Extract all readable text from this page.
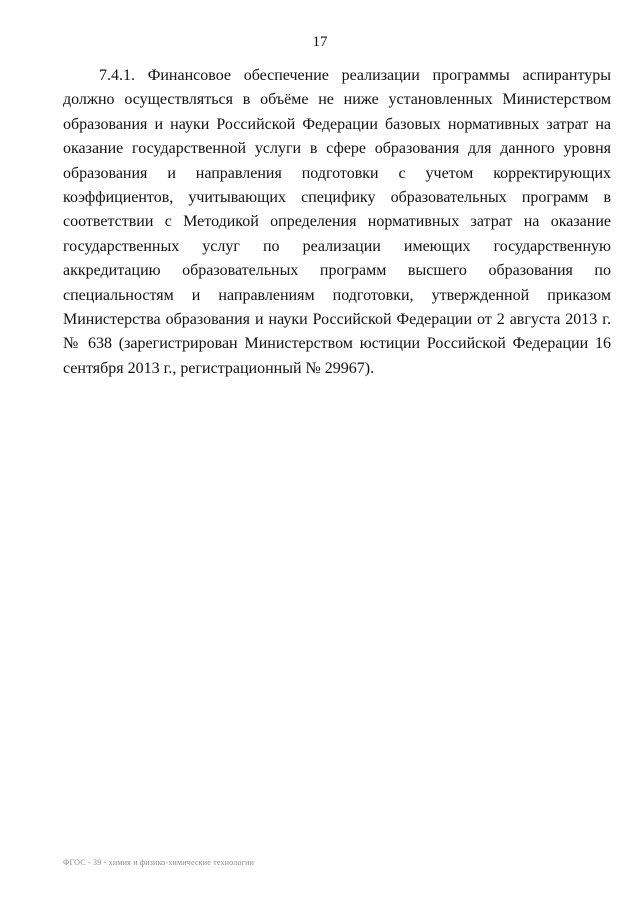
17

7.4.1. Финансовое обеспечение реализации программы аспирантуры должно осуществляться в объёме не ниже установленных Министерством образования и науки Российской Федерации базовых нормативных затрат на оказание государственной услуги в сфере образования для данного уровня образования и направления подготовки с учетом корректирующих коэффициентов, учитывающих специфику образовательных программ в соответствии с Методикой определения нормативных затрат на оказание государственных услуг по реализации имеющих государственную аккредитацию образовательных программ высшего образования по специальностям и направлениям подготовки, утвержденной приказом Министерства образования и науки Российской Федерации от 2 августа 2013 г. № 638 (зарегистрирован Министерством юстиции Российской Федерации 16 сентября 2013 г., регистрационный № 29967).

ФГОС - 39 - химия и физико-химические технологии
